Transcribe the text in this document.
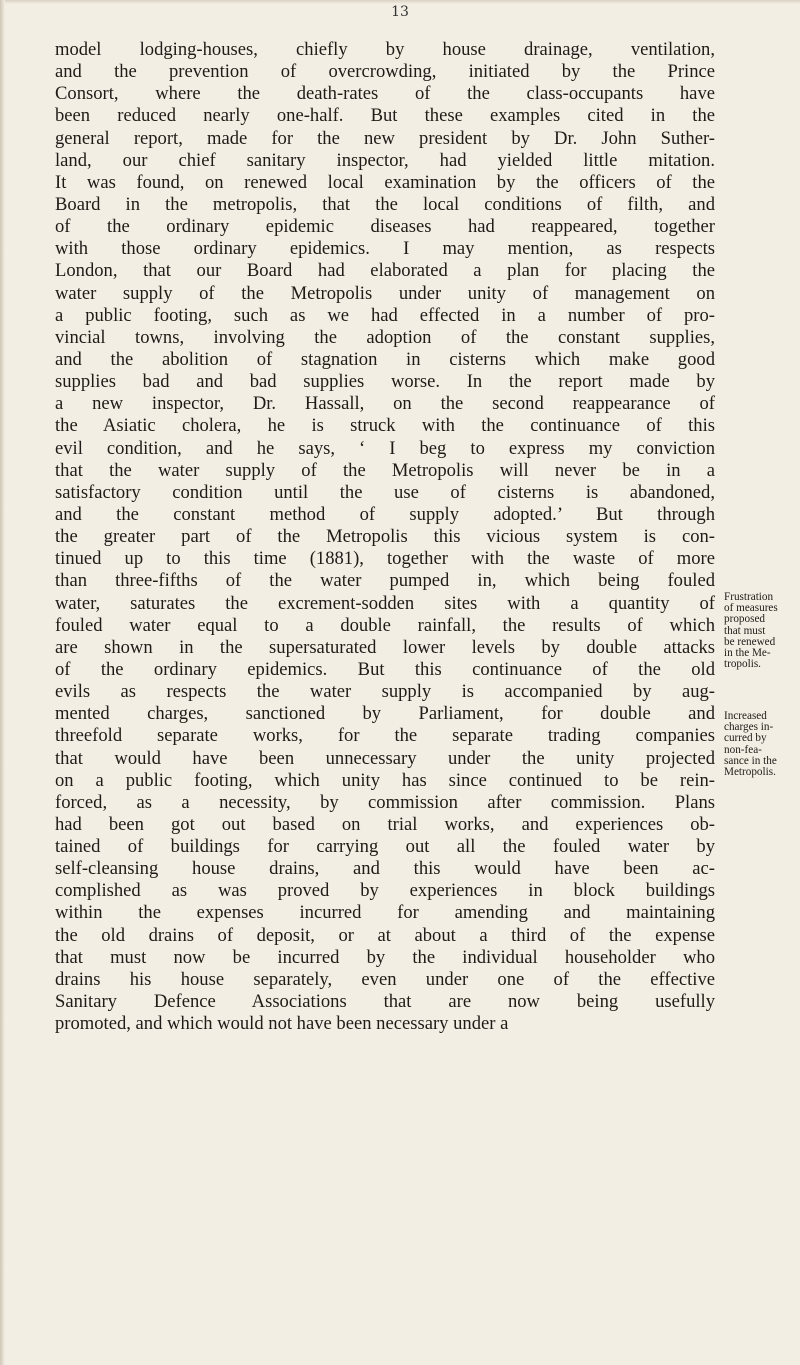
13
model lodging-houses, chiefly by house drainage, ventilation,
and the prevention of overcrowding, initiated by the Prince
Consort, where the death-rates of the class-occupants have
been reduced nearly one-half. But these examples cited in the
general report, made for the new president by Dr. John Suther-
land, our chief sanitary inspector, had yielded little mitation.
It was found, on renewed local examination by the officers of the
Board in the metropolis, that the local conditions of filth, and
of the ordinary epidemic diseases had reappeared, together
with those ordinary epidemics. I may mention, as respects
London, that our Board had elaborated a plan for placing the
water supply of the Metropolis under unity of management on
a public footing, such as we had effected in a number of pro-
vincial towns, involving the adoption of the constant supplies,
and the abolition of stagnation in cisterns which make good
supplies bad and bad supplies worse. In the report made by
a new inspector, Dr. Hassall, on the second reappearance of
the Asiatic cholera, he is struck with the continuance of this
evil condition, and he says, ‘ I beg to express my conviction
that the water supply of the Metropolis will never be in a
satisfactory condition until the use of cisterns is abandoned,
and the constant method of supply adopted.’ But through
the greater part of the Metropolis this vicious system is con-
tinued up to this time (1881), together with the waste of more
than three-fifths of the water pumped in, which being fouled
water, saturates the excrement-sodden sites with a quantity of
fouled water equal to a double rainfall, the results of which
are shown in the supersaturated lower levels by double attacks
of the ordinary epidemics. But this continuance of the old
evils as respects the water supply is accompanied by aug-
mented charges, sanctioned by Parliament, for double and
threefold separate works, for the separate trading companies
that would have been unnecessary under the unity projected
on a public footing, which unity has since continued to be rein-
forced, as a necessity, by commission after commission. Plans
had been got out based on trial works, and experiences ob-
tained of buildings for carrying out all the fouled water by
self-cleansing house drains, and this would have been ac-
complished as was proved by experiences in block buildings
within the expenses incurred for amending and maintaining
the old drains of deposit, or at about a third of the expense
that must now be incurred by the individual householder who
drains his house separately, even under one of the effective
Sanitary Defence Associations that are now being usefully
promoted, and which would not have been necessary under a
Frustration
of measures
proposed
that must
be renewed
in the Me-
tropolis.
Increased
charges in-
curred by
non-fea-
sance in the
Metropolis.
